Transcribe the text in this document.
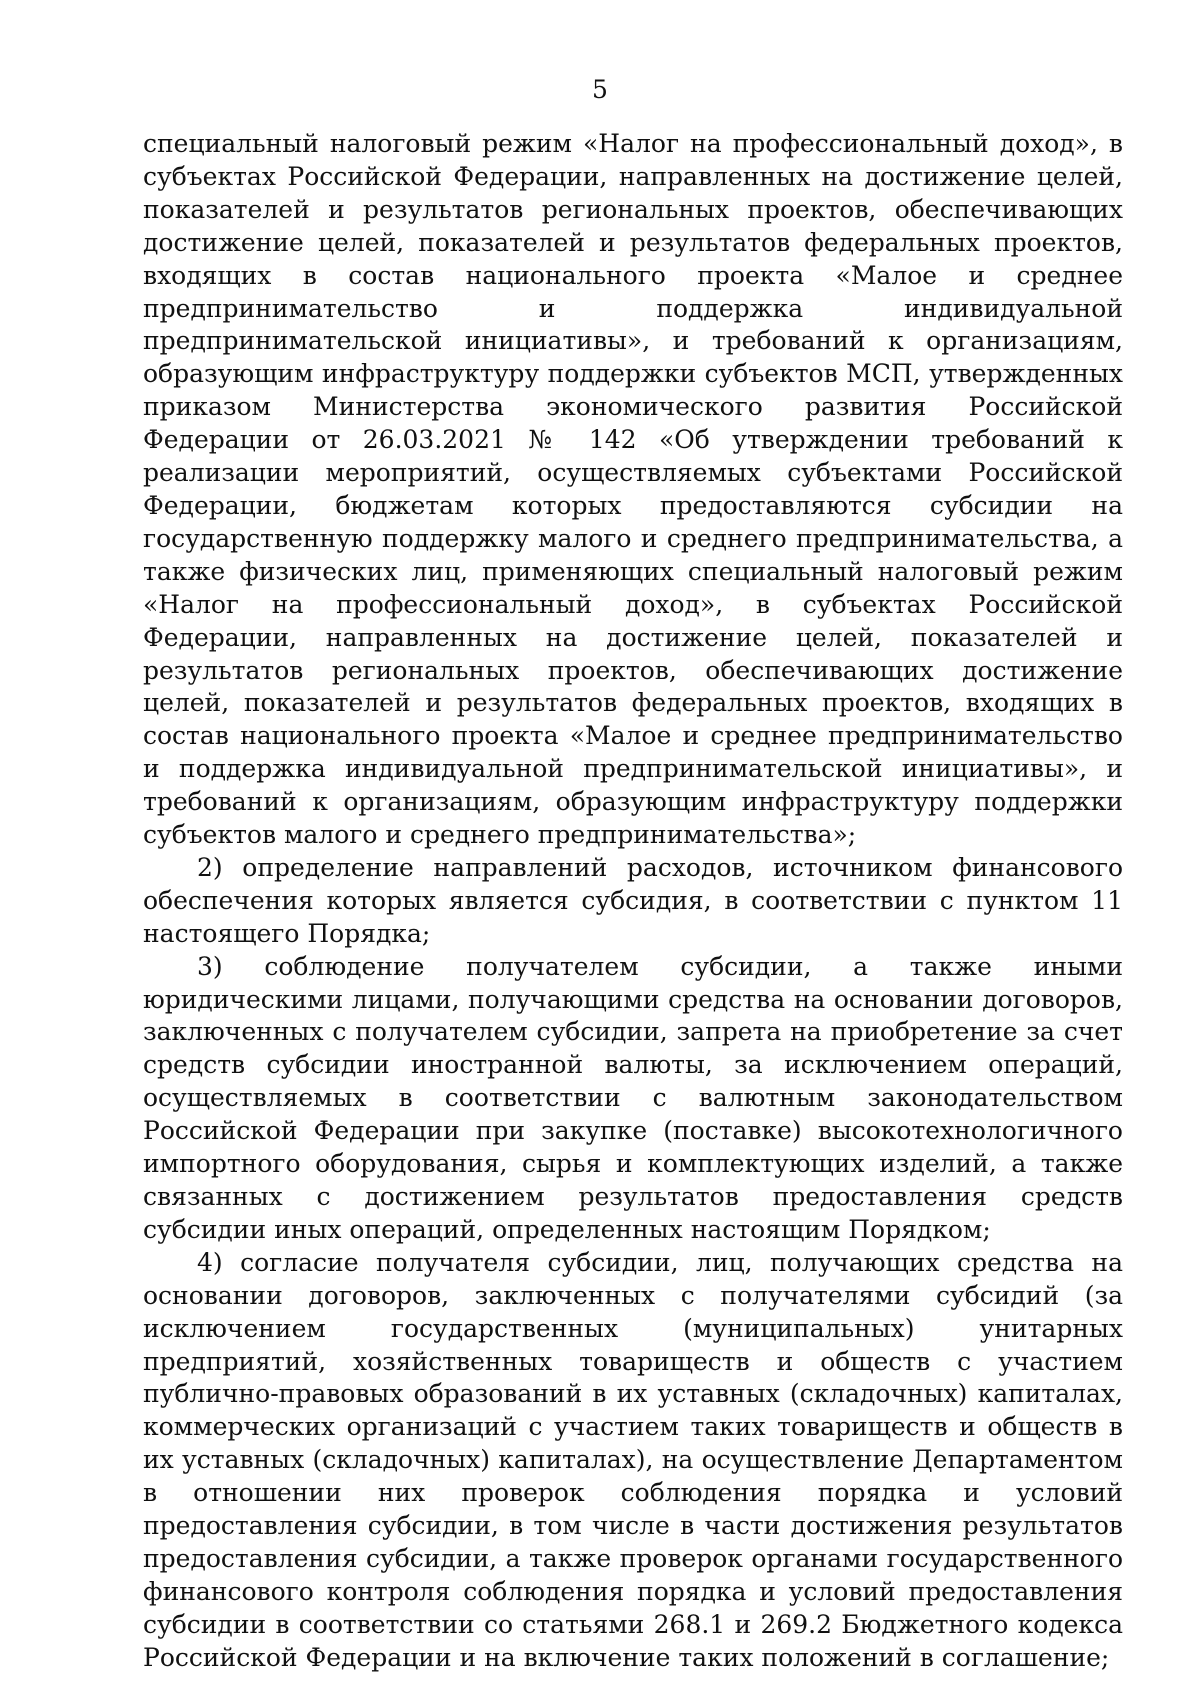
5

специальный налоговый режим «Налог на профессиональный доход», в субъектах Российской Федерации, направленных на достижение целей, показателей и результатов региональных проектов, обеспечивающих достижение целей, показателей и результатов федеральных проектов, входящих в состав национального проекта «Малое и среднее предпринимательство и поддержка индивидуальной предпринимательской инициативы», и требований к организациям, образующим инфраструктуру поддержки субъектов МСП, утвержденных приказом Министерства экономического развития Российской Федерации от 26.03.2021 № 142 «Об утверждении требований к реализации мероприятий, осуществляемых субъектами Российской Федерации, бюджетам которых предоставляются субсидии на государственную поддержку малого и среднего предпринимательства, а также физических лиц, применяющих специальный налоговый режим «Налог на профессиональный доход», в субъектах Российской Федерации, направленных на достижение целей, показателей и результатов региональных проектов, обеспечивающих достижение целей, показателей и результатов федеральных проектов, входящих в состав национального проекта «Малое и среднее предпринимательство и поддержка индивидуальной предпринимательской инициативы», и требований к организациям, образующим инфраструктуру поддержки субъектов малого и среднего предпринимательства»;

2) определение направлений расходов, источником финансового обеспечения которых является субсидия, в соответствии с пунктом 11 настоящего Порядка;

3) соблюдение получателем субсидии, а также иными юридическими лицами, получающими средства на основании договоров, заключенных с получателем субсидии, запрета на приобретение за счет средств субсидии иностранной валюты, за исключением операций, осуществляемых в соответствии с валютным законодательством Российской Федерации при закупке (поставке) высокотехнологичного импортного оборудования, сырья и комплектующих изделий, а также связанных с достижением результатов предоставления средств субсидии иных операций, определенных настоящим Порядком;

4) согласие получателя субсидии, лиц, получающих средства на основании договоров, заключенных с получателями субсидий (за исключением государственных (муниципальных) унитарных предприятий, хозяйственных товариществ и обществ с участием публично-правовых образований в их уставных (складочных) капиталах, коммерческих организаций с участием таких товариществ и обществ в их уставных (складочных) капиталах), на осуществление Департаментом в отношении них проверок соблюдения порядка и условий предоставления субсидии, в том числе в части достижения результатов предоставления субсидии, а также проверок органами государственного финансового контроля соблюдения порядка и условий предоставления субсидии в соответствии со статьями 268.1 и 269.2 Бюджетного кодекса Российской Федерации и на включение таких положений в соглашение;
